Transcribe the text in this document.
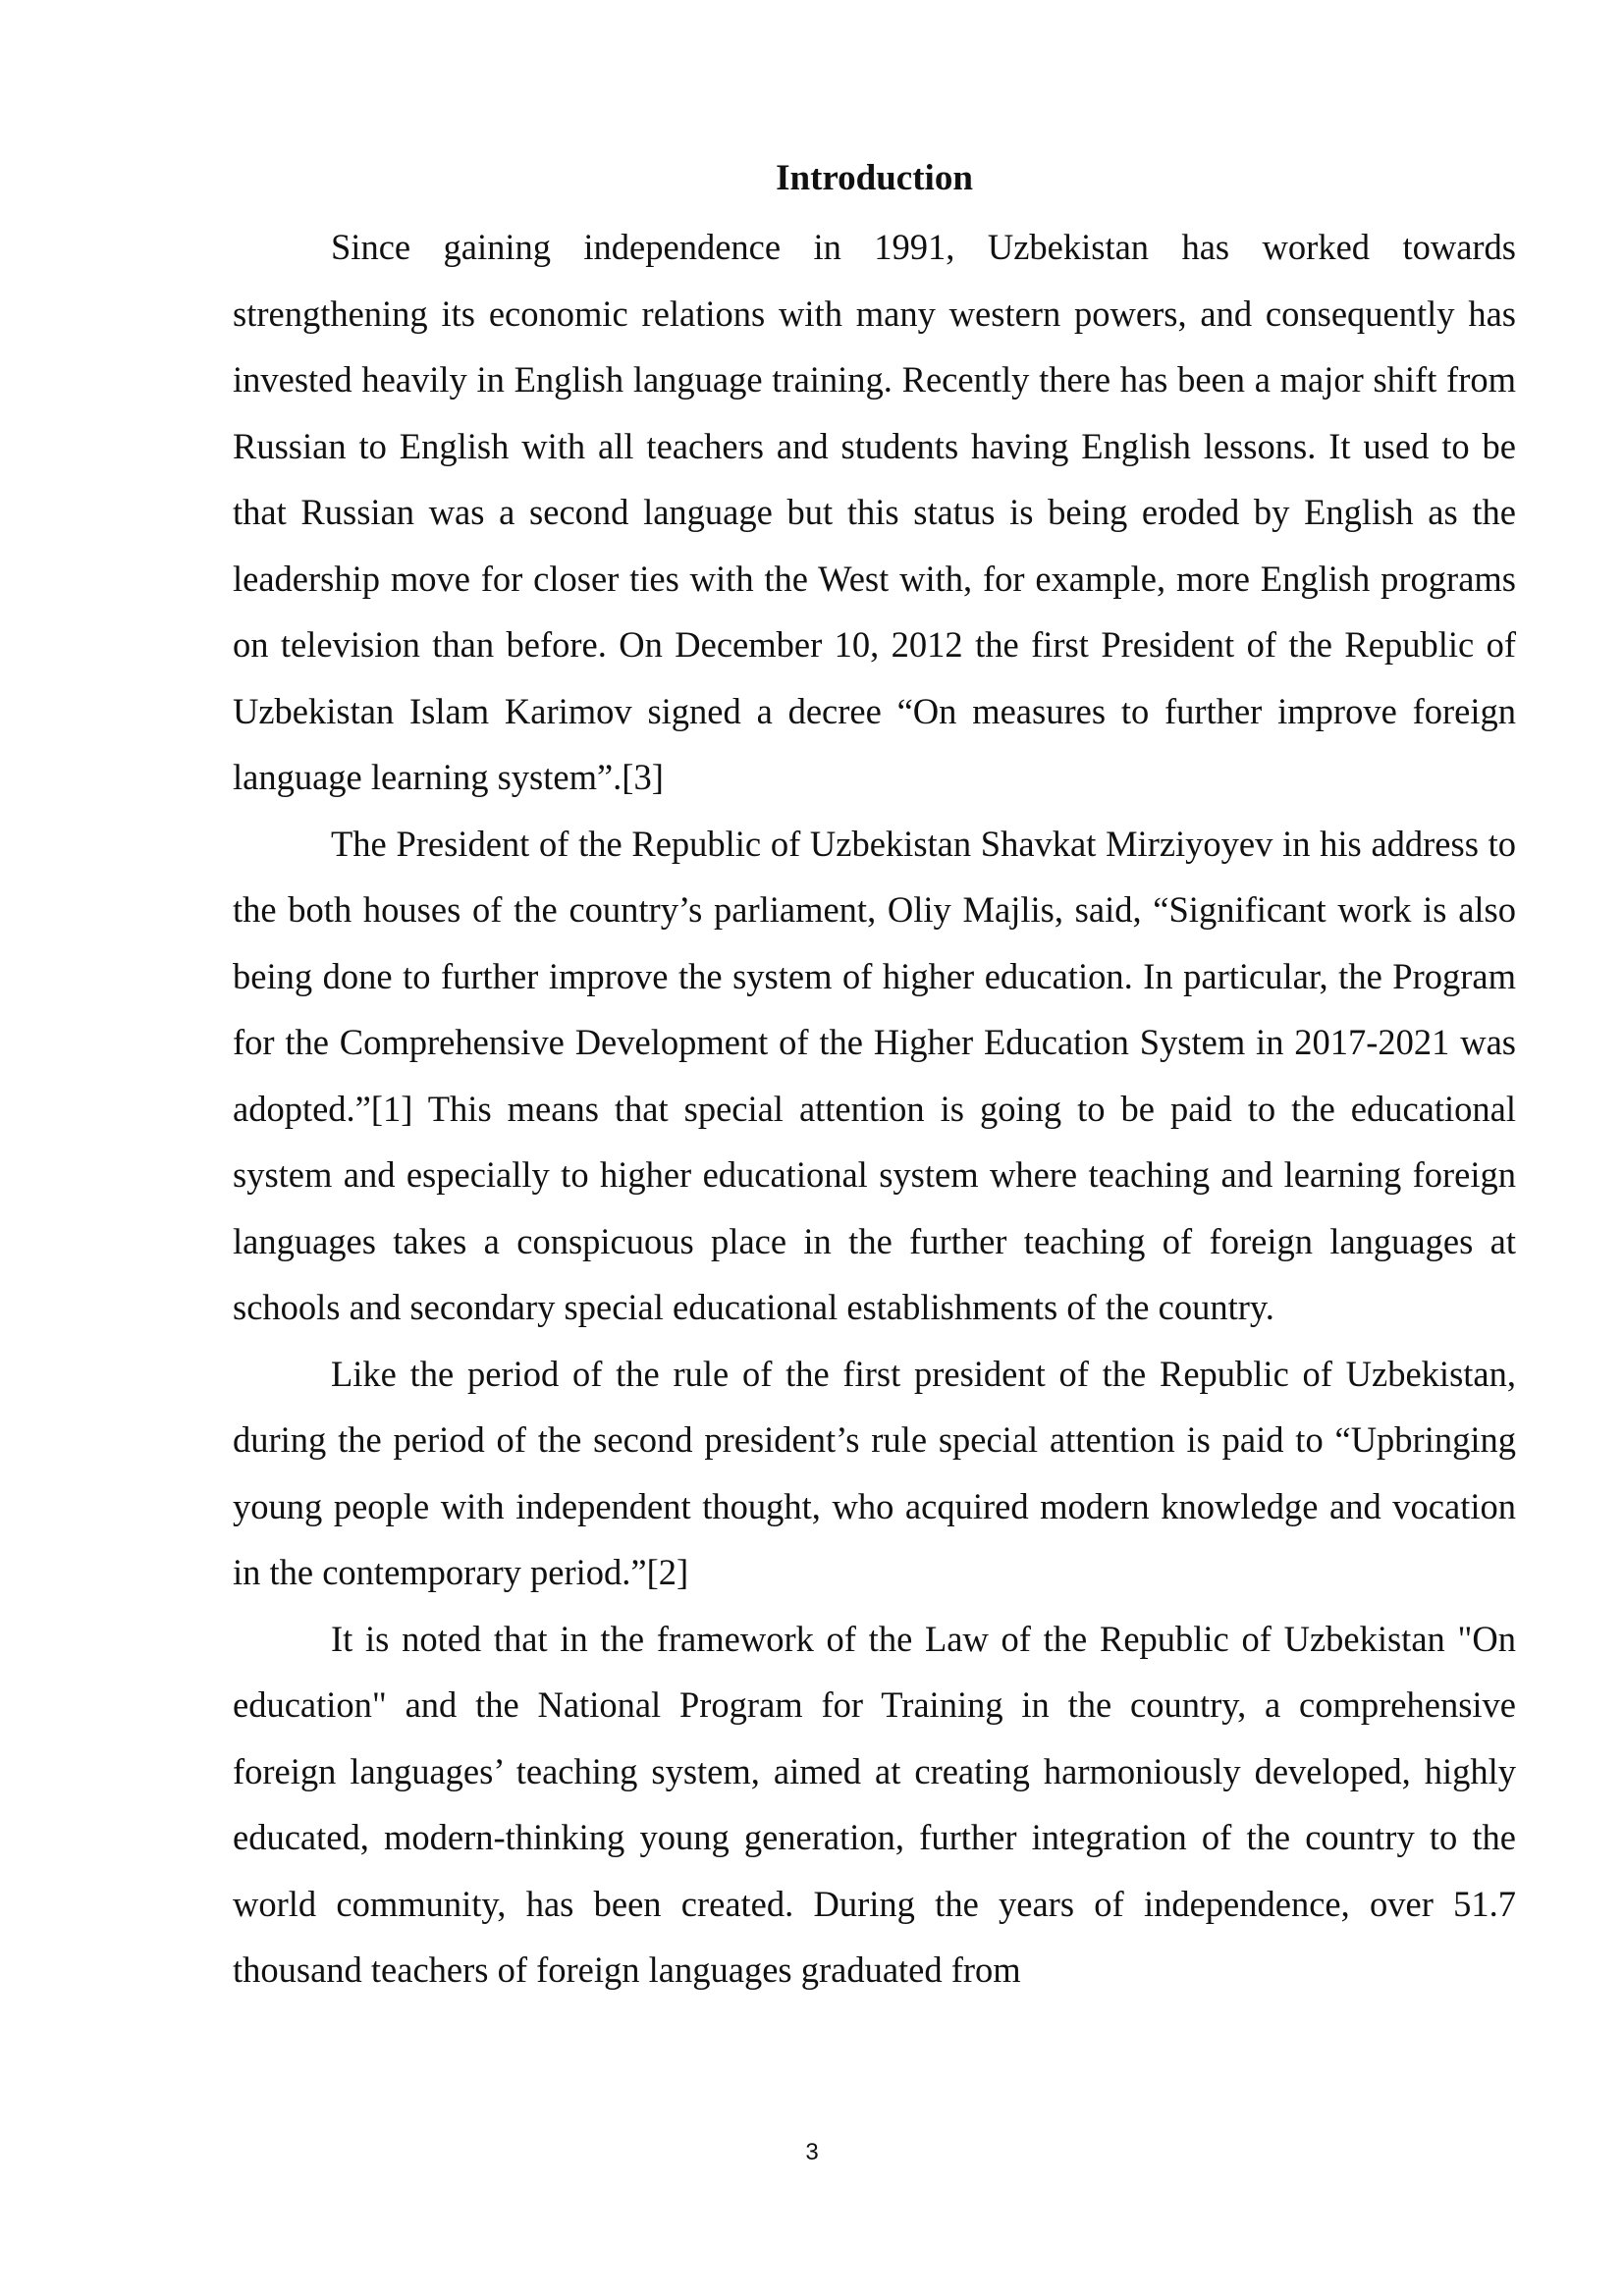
Introduction

Since gaining independence in 1991, Uzbekistan has worked towards strengthening its economic relations with many western powers, and consequently has invested heavily in English language training. Recently there has been a major shift from Russian to English with all teachers and students having English lessons. It used to be that Russian was a second language but this status is being eroded by English as the leadership move for closer ties with the West with, for example, more English programs on television than before. On December 10, 2012 the first President of the Republic of Uzbekistan Islam Karimov signed a decree “On measures to further improve foreign language learning system”.[3]

The President of the Republic of Uzbekistan Shavkat Mirziyoyev in his address to the both houses of the country’s parliament, Oliy Majlis, said, “Significant work is also being done to further improve the system of higher education. In particular, the Program for the Comprehensive Development of the Higher Education System in 2017-2021 was adopted.”[1] This means that special attention is going to be paid to the educational system and especially to higher educational system where teaching and learning foreign languages takes a conspicuous place in the further teaching of foreign languages at schools and secondary special educational establishments of the country.

Like the period of the rule of the first president of the Republic of Uzbekistan, during the period of the second president’s rule special attention is paid to “Upbringing young people with independent thought, who acquired modern knowledge and vocation in the contemporary period.”[2]

It is noted that in the framework of the Law of the Republic of Uzbekistan "On education" and the National Program for Training in the country, a comprehensive foreign languages’ teaching system, aimed at creating harmoniously developed, highly educated, modern-thinking young generation, further integration of the country to the world community, has been created. During the years of independence, over 51.7 thousand teachers of foreign languages graduated from

3
